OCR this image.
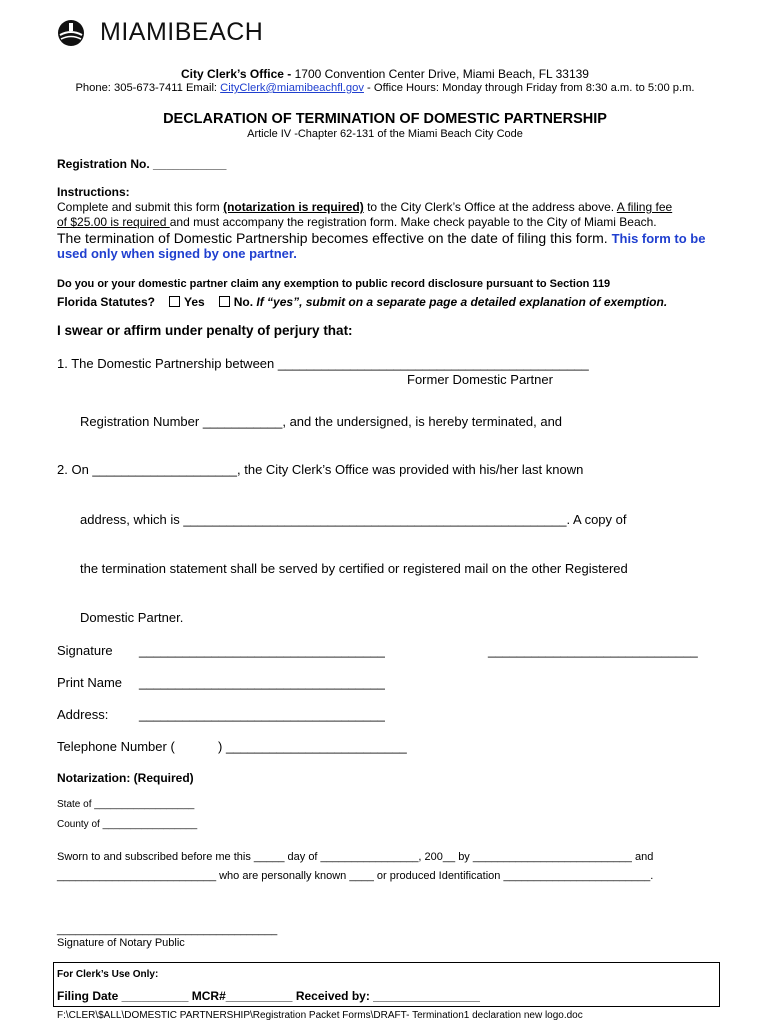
MIAMIBEACH
City Clerk’s Office - 1700 Convention Center Drive, Miami Beach, FL 33139
Phone: 305-673-7411 Email: CityClerk@miamibeachfl.gov - Office Hours: Monday through Friday from 8:30 a.m. to 5:00 p.m.
DECLARATION OF TERMINATION OF DOMESTIC PARTNERSHIP
Article IV -Chapter 62-131 of the Miami Beach City Code
Registration No. ___________
Instructions:
Complete and submit this form (notarization is required) to the City Clerk’s Office at the address above. A filing fee
of $25.00 is required and must accompany the registration form. Make check payable to the City of Miami Beach.
The termination of Domestic Partnership becomes effective on the date of filing this form. This form to be
used only when signed by one partner.
Do you or your domestic partner claim any exemption to public record disclosure pursuant to Section 119
Florida Statutes? Yes No. If “yes”, submit on a separate page a detailed explanation of exemption.
I swear or affirm under penalty of perjury that:
1. The Domestic Partnership between ___________________________________________
Former Domestic Partner
Registration Number ___________, and the undersigned, is hereby terminated, and
2. On ____________________, the City Clerk’s Office was provided with his/her last known
address, which is _____________________________________________________. A copy of
the termination statement shall be served by certified or registered mail on the other Registered
Domestic Partner.
Signature __________________________________	_____________________________
Print Name __________________________________
Address: __________________________________
Telephone Number (	) _________________________
Notarization: (Required)
State of __________________
County of _________________
Sworn to and subscribed before me this _____ day of ________________, 200__ by __________________________ and
__________________________ who are personally known ____ or produced Identification ________________________.
____________________________________
Signature of Notary Public
For Clerk’s Use Only:
Filing Date __________ MCR#__________ Received by: ________________
F:\CLER\$ALL\DOMESTIC PARTNERSHIP\Registration Packet Forms\DRAFT- Termination1 declaration new logo.doc
